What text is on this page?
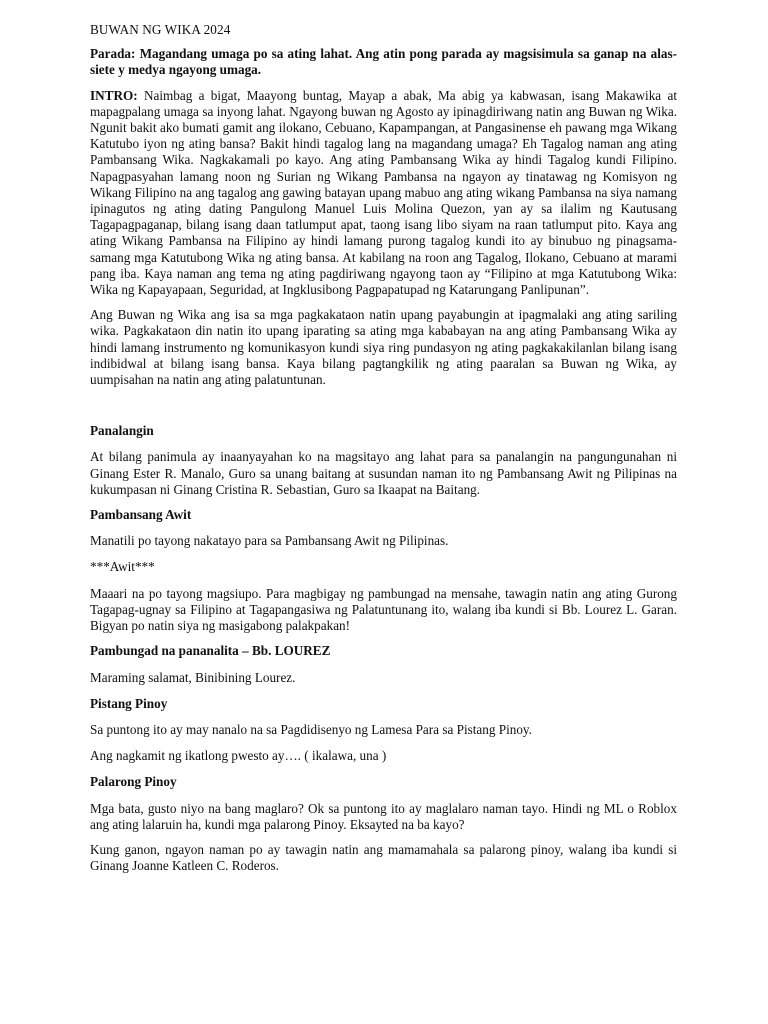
BUWAN NG WIKA 2024

Parada: Magandang umaga po sa ating lahat. Ang atin pong parada ay magsisimula sa ganap na alas-siete y medya ngayong umaga.

INTRO: Naimbag a bigat, Maayong buntag, Mayap a abak, Ma abig ya kabwasan, isang Makawika at mapagpalang umaga sa inyong lahat. Ngayong buwan ng Agosto ay ipinagdiriwang natin ang Buwan ng Wika. Ngunit bakit ako bumati gamit ang ilokano, Cebuano, Kapampangan, at Pangasinense eh pawang mga Wikang Katutubo iyon ng ating bansa? Bakit hindi tagalog lang na magandang umaga? Eh Tagalog naman ang ating Pambansang Wika. Nagkakamali po kayo. Ang ating Pambansang Wika ay hindi Tagalog kundi Filipino. Napagpasyahan lamang noon ng Surian ng Wikang Pambansa na ngayon ay tinatawag ng Komisyon ng Wikang Filipino na ang tagalog ang gawing batayan upang mabuo ang ating wikang Pambansa na siya namang ipinagutos ng ating dating Pangulong Manuel Luis Molina Quezon, yan ay sa ilalim ng Kautusang Tagapagpaganap, bilang isang daan tatlumput apat, taong isang libo siyam na raan tatlumput pito. Kaya ang ating Wikang Pambansa na Filipino ay hindi lamang purong tagalog kundi ito ay binubuo ng pinagsama-samang mga Katutubong Wika ng ating bansa. At kabilang na roon ang Tagalog, Ilokano, Cebuano at marami pang iba. Kaya naman ang tema ng ating pagdiriwang ngayong taon ay “Filipino at mga Katutubong Wika: Wika ng Kapayapaan, Seguridad, at Ingklusibong Pagpapatupad ng Katarungang Panlipunan”.

Ang Buwan ng Wika ang isa sa mga pagkakataon natin upang payabungin at ipagmalaki ang ating sariling wika. Pagkakataon din natin ito upang iparating sa ating mga kababayan na ang ating Pambansang Wika ay hindi lamang instrumento ng komunikasyon kundi siya ring pundasyon ng ating pagkakakilanlan bilang isang indibidwal at bilang isang bansa. Kaya bilang pagtangkilik ng ating paaralan sa Buwan ng Wika, ay uumpisahan na natin ang ating palatuntunan.

Panalangin

At bilang panimula ay inaanyayahan ko na magsitayo ang lahat para sa panalangin na pangungunahan ni Ginang Ester R. Manalo, Guro sa unang baitang at susundan naman ito ng Pambansang Awit ng Pilipinas na kukumpasan ni Ginang Cristina R. Sebastian, Guro sa Ikaapat na Baitang.

Pambansang Awit

Manatili po tayong nakatayo para sa Pambansang Awit ng Pilipinas.

***Awit***

Maaari na po tayong magsiupo. Para magbigay ng pambungad na mensahe, tawagin natin ang ating Gurong Tagapag-ugnay sa Filipino at Tagapangasiwa ng Palatuntunang ito, walang iba kundi si Bb. Lourez L. Garan. Bigyan po natin siya ng masigabong palakpakan!

Pambungad na pananalita – Bb. LOUREZ

Maraming salamat, Binibining Lourez.

Pistang Pinoy

Sa puntong ito ay may nanalo na sa Pagdidisenyo ng Lamesa Para sa Pistang Pinoy.

Ang nagkamit ng ikatlong pwesto ay…. ( ikalawa, una )

Palarong Pinoy

Mga bata, gusto niyo na bang maglaro? Ok sa puntong ito ay maglalaro naman tayo. Hindi ng ML o Roblox ang ating lalaruin ha, kundi mga palarong Pinoy. Eksayted na ba kayo?

Kung ganon, ngayon naman po ay tawagin natin ang mamamahala sa palarong pinoy, walang iba kundi si Ginang Joanne Katleen C. Roderos.
